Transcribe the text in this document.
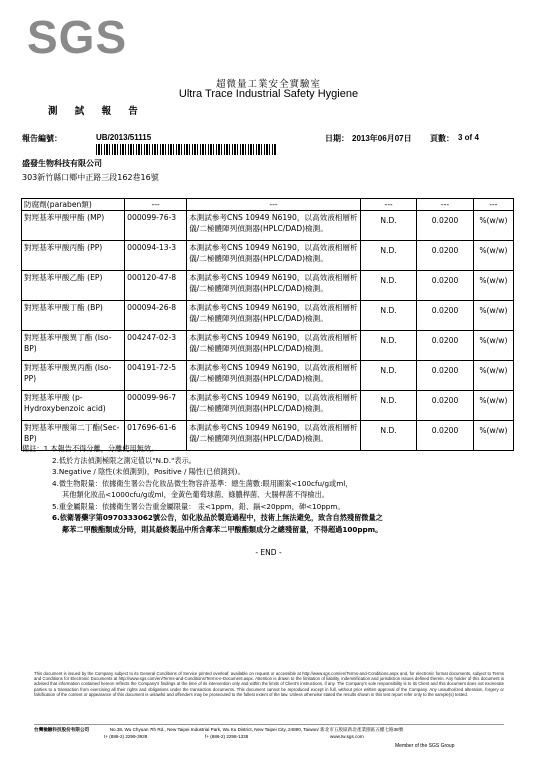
SGS
超微量工業安全實驗室
Ultra Trace Industrial Safety Hygiene
測 試 報 告
報告編號：	UB/2013/51115	日期： 2013年06月07日 頁數： 3 of 4
盛發生物科技有限公司
303新竹縣口鄉中正路三段162巷16號
防腐劑(paraben類)	---	---	---	---	---
對羥基苯甲酸甲酯 (MP)	000099-76-3	本測試參考CNS 10949 N6190，以高效液相層析儀/二極體陣列偵測器(HPLC/DAD)檢測。	N.D.	0.0200	%(w/w)
對羥基苯甲酸丙酯 (PP)	000094-13-3	本測試參考CNS 10949 N6190，以高效液相層析儀/二極體陣列偵測器(HPLC/DAD)檢測。	N.D.	0.0200	%(w/w)
對羥基苯甲酸乙酯 (EP)	000120-47-8	本測試參考CNS 10949 N6190，以高效液相層析儀/二極體陣列偵測器(HPLC/DAD)檢測。	N.D.	0.0200	%(w/w)
對羥基苯甲酸丁酯 (BP)	000094-26-8	本測試參考CNS 10949 N6190，以高效液相層析儀/二極體陣列偵測器(HPLC/DAD)檢測。	N.D.	0.0200	%(w/w)
對羥基苯甲酸異丁酯 (Iso-BP)	004247-02-3	本測試參考CNS 10949 N6190，以高效液相層析儀/二極體陣列偵測器(HPLC/DAD)檢測。	N.D.	0.0200	%(w/w)
對羥基苯甲酸異丙酯 (Iso-PP)	004191-72-5	本測試參考CNS 10949 N6190，以高效液相層析儀/二極體陣列偵測器(HPLC/DAD)檢測。	N.D.	0.0200	%(w/w)
對羥基苯甲酸 (p-Hydroxybenzoic acid)	000099-96-7	本測試參考CNS 10949 N6190，以高效液相層析儀/二極體陣列偵測器(HPLC/DAD)檢測。	N.D.	0.0200	%(w/w)
對羥基苯甲酸第二丁酯(Sec-BP)	017696-61-6	本測試參考CNS 10949 N6190，以高效液相層析儀/二極體陣列偵測器(HPLC/DAD)檢測。	N.D.	0.0200	%(w/w)
備註：1.本報告不得分離，分離使用無效。
2.低於方法偵測極限之測定值以"N.D."表示。
3.Negative / 陰性(未偵測到)，Positive / 陽性(已偵測到)。
4.微生物限量：依據衛生署公告化妝品微生物容許基準：總生菌數:眼用圖案<100cfu/g或ml，
其他類化妝品<1000cfu/g或ml，金黃色葡萄球菌、綠膿桿菌、大腸桿菌不得檢出。
5.重金屬限量：依據衛生署公告重金屬限量： 汞<1ppm，鉛、鎘<20ppm，砷<10ppm。
6.依衛署藥字第0970333062號公告，如化妝品於製造過程中，技術上無法避免，致含自然殘留微量之
鄰苯二甲酸酯類成分時，則其最終製品中所含鄰苯二甲酸酯類成分之總殘留量，不得超過100ppm。
- END -
This document is issued by the Company subject to its General Conditions of Service printed overleaf, available on request or accessible at http://www.sgs.com/en/Terms-and-Conditions.aspx and, for electronic format documents, subject to Terms and Conditions for Electronic Documents at http://www.sgs.com/en/Terms-and-Conditions/Terms-e-Document.aspx. Attention is drawn to the limitation of liability, indemnification and jurisdiction issues defined therein. Any holder of this document is advised that information contained hereon reflects the Company's findings at the time of its intervention only and within the limits of Client's instructions, if any. The Company's sole responsibility is to its Client and this document does not exonerate parties to a transaction from exercising all their rights and obligations under the transaction documents. This document cannot be reproduced except in full, without prior written approval of the Company. Any unauthorized alteration, forgery or falsification of the content or appearance of this document is unlawful and offenders may be prosecuted to the fullest extent of the law. Unless otherwise stated the results shown in this test report refer only to the sample(s) tested.
台灣檢驗科技股份有限公司	No.38, Wu Chyuan 7th Rd., New Taipei Industrial Park, Wu Ku District, New Taipei City, 24890, Taiwan/ 新北市五股區新北產業園區五權七路38號
t+ (886-2) 2299-3939	f+ (886-2) 2298-1338	www.tw.sgs.com
Member of the SGS Group
